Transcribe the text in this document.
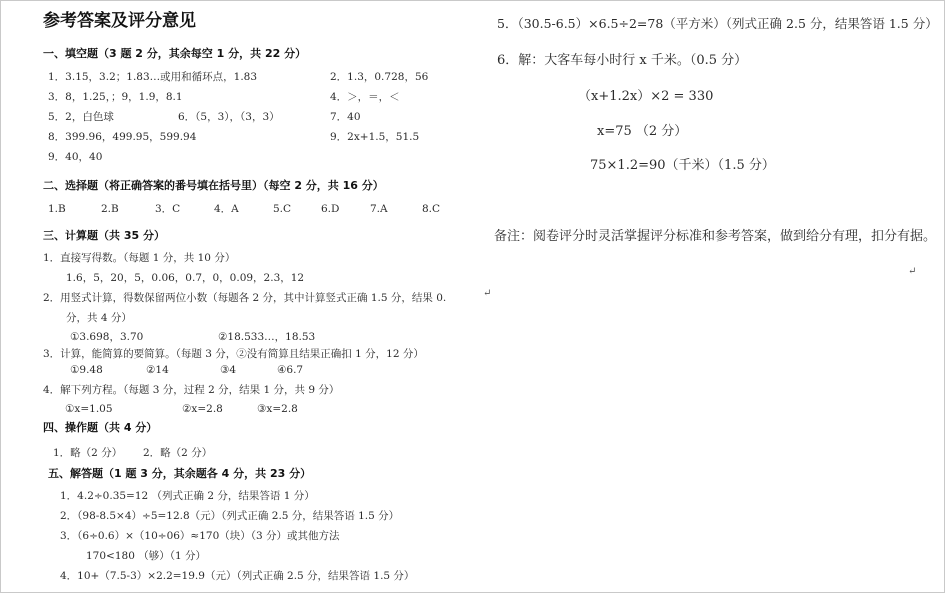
参考答案及评分意见
一、填空题（3 题 2 分，其余每空 1 分，共 22 分）
1．3.15，3.2；1.83…或用和循环点，1.83	2．1.3，0.728，56
3．8，1.25，；9，1.9，8.1	4．＞，＝，＜
5．2，白色球	6．（5，3），（3，3）	7．40
8．399.96，499.95，599.94	9．2x+1.5，51.5
9．40，40
二、选择题（将正确答案的番号填在括号里）（每空 2 分，共 16 分）
1.B	2.B	3．C	4．A	5.C	6.D	7.A	8.C
三、计算题（共 35 分）
1．直接写得数。（每题 1 分，共 10 分）
1.6，5，20，5，0.06，0.7，0，0.09，2.3，12
2．用竖式计算，得数保留两位小数（每题各 2 分，其中计算竖式正确 1.5 分，结果 0.
分，共 4 分）
①3.698，3.70	②18.533…，18.53
3．计算，能简算的要简算。（每题 3 分，②没有简算且结果正确扣 1 分，12 分）
①9.48	②14	③4	④6.7
4．解下列方程。（每题 3 分，过程 2 分，结果 1 分，共 9 分）
①x=1.05	②x=2.8	③x=2.8
四、操作题（共 4 分）
1．略（2 分） 2．略（2 分）
五、解答题（1 题 3 分，其余题各 4 分，共 23 分）
1．4.2÷0.35=12 （列式正确 2 分，结果答语 1 分）
2．（98-8.5×4）÷5=12.8（元）（列式正确 2.5 分，结果答语 1.5 分）
3．（6÷0.6）×（10÷06）≈170（块）（3 分）或其他方法
170<180 （够）（1 分）
4．10+（7.5-3）×2.2=19.9（元）（列式正确 2.5 分，结果答语 1.5 分）
5．（30.5-6.5）×6.5÷2=78（平方米）（列式正确 2.5 分，结果答语 1.5 分）
6．解：大客车每小时行 x 千米。（0.5 分）
（x+1.2x）×2 = 330
x=75 （2 分）
75×1.2=90（千米）（1.5 分）
备注：阅卷评分时灵活掌握评分标准和参考答案，做到给分有理，扣分有据。
↵
↵
